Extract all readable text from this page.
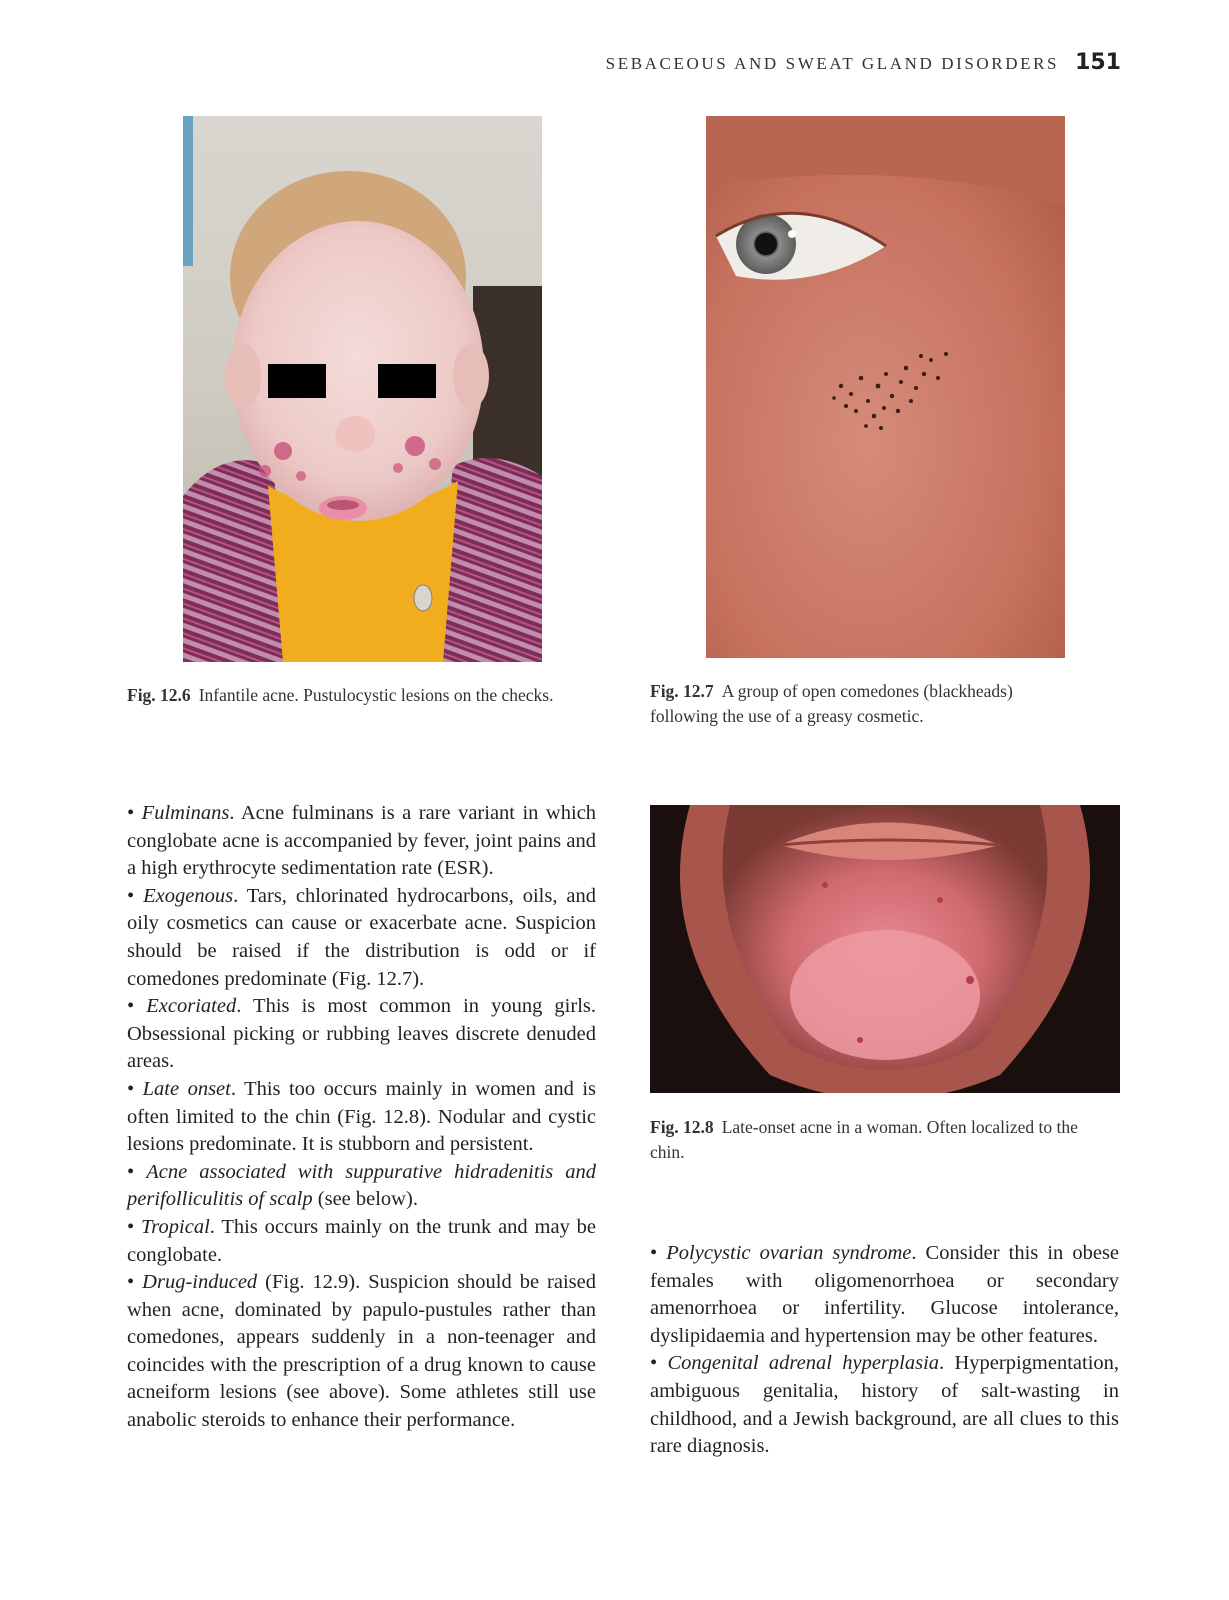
SEBACEOUS AND SWEAT GLAND DISORDERS 151
Fig. 12.6 Infantile acne. Pustulocystic lesions on the checks.	Fig. 12.7 A group of open comedones (blackheads) following the use of a greasy cosmetic.
Fig. 12.8 Late-onset acne in a woman. Often localized to the chin.

• Fulminans. Acne fulminans is a rare variant in which conglobate acne is accompanied by fever, joint pains and a high erythrocyte sedimentation rate (ESR).

• Exogenous. Tars, chlorinated hydrocarbons, oils, and oily cosmetics can cause or exacerbate acne. Suspicion should be raised if the distribution is odd or if comedones predominate (Fig. 12.7).

• Excoriated. This is most common in young girls. Obsessional picking or rubbing leaves discrete denuded areas.

• Late onset. This too occurs mainly in women and is often limited to the chin (Fig. 12.8). Nodular and cystic lesions predominate. It is stubborn and persistent.

• Acne associated with suppurative hidradenitis and perifolliculitis of scalp (see below).

• Tropical. This occurs mainly on the trunk and may be conglobate.

• Drug-induced (Fig. 12.9). Suspicion should be raised when acne, dominated by papulo-pustules rather than comedones, appears suddenly in a non-teenager and coincides with the prescription of a drug known to cause acneiform lesions (see above). Some athletes still use anabolic steroids to enhance their performance.

• Polycystic ovarian syndrome. Consider this in obese females with oligomenorrhoea or secondary amenorrhoea or infertility. Glucose intolerance, dyslipidaemia and hypertension may be other features.

• Congenital adrenal hyperplasia. Hyperpigmentation, ambiguous genitalia, history of salt-wasting in childhood, and a Jewish background, are all clues to this rare diagnosis.
